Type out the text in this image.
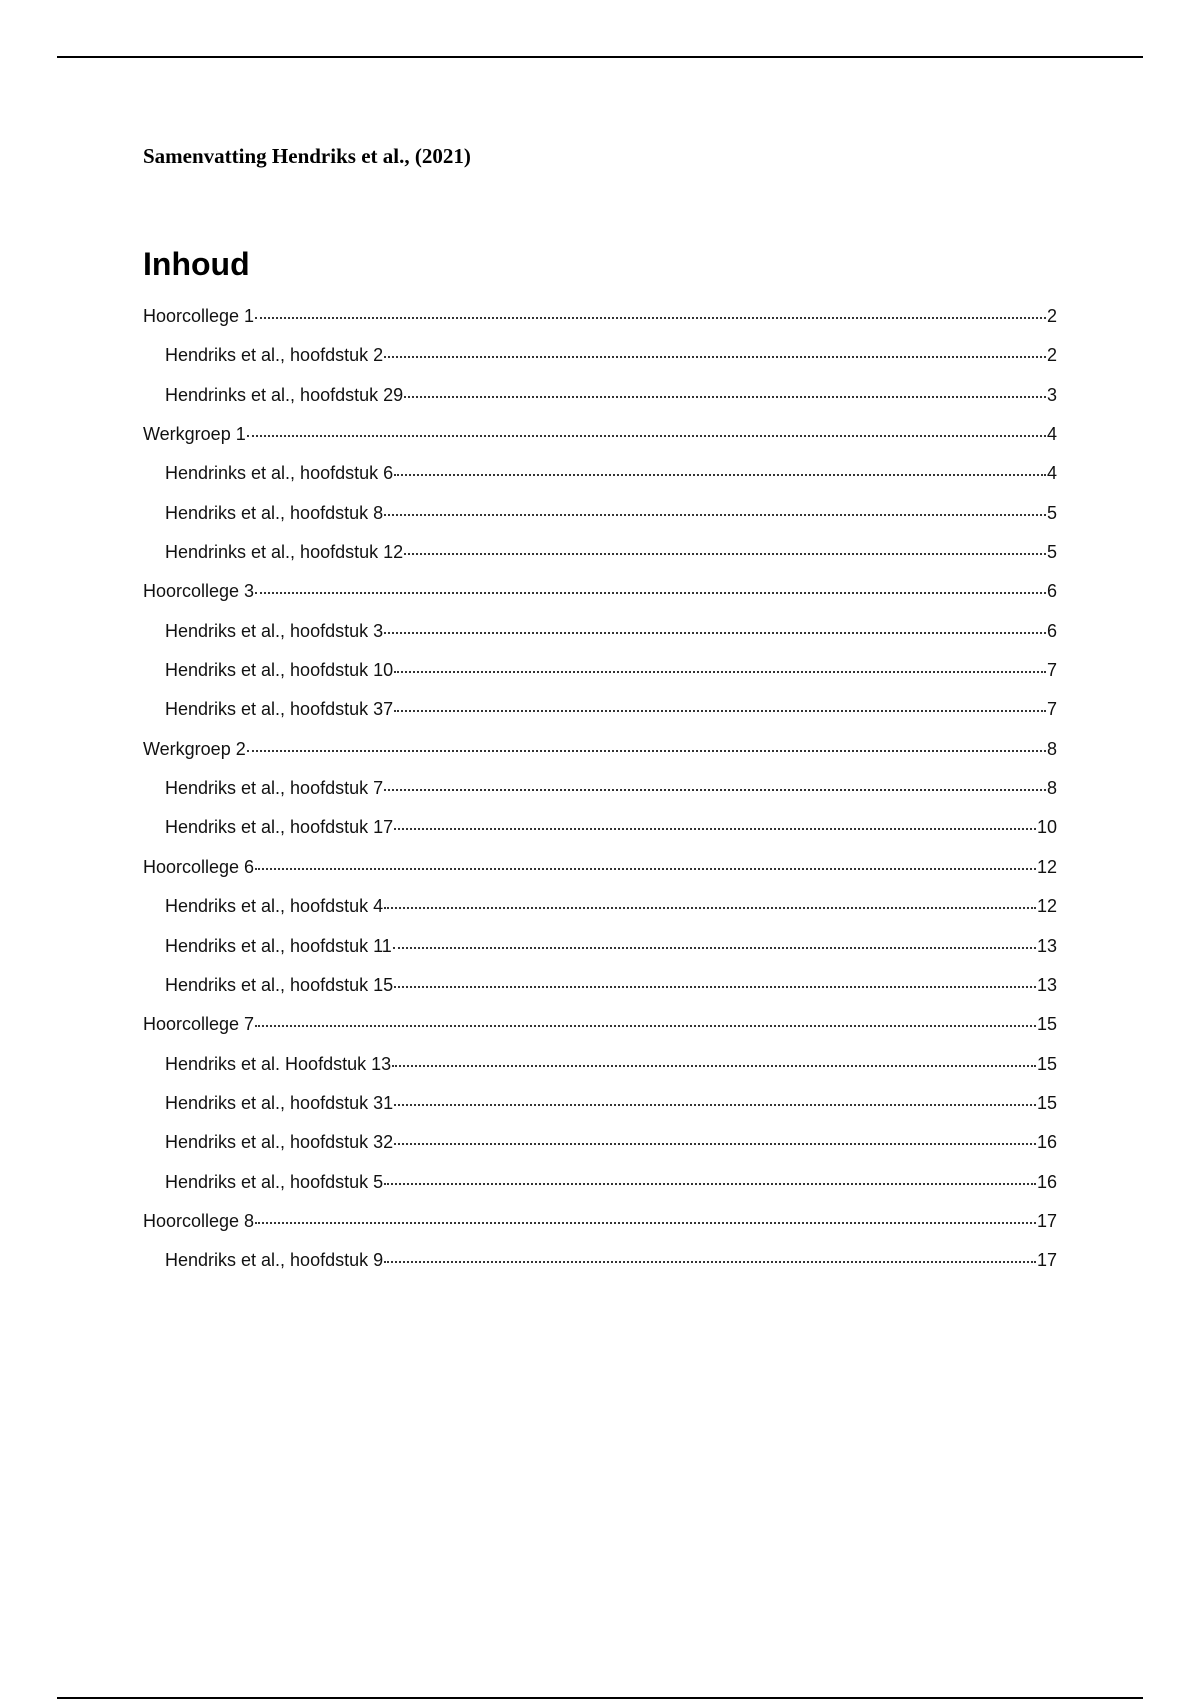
Samenvatting Hendriks et al., (2021)
Inhoud
Hoorcollege 1	2
Hendriks et al., hoofdstuk 2	2
Hendrinks et al., hoofdstuk 29	3
Werkgroep 1	4
Hendrinks et al., hoofdstuk 6	4
Hendriks et al., hoofdstuk 8	5
Hendrinks et al., hoofdstuk 12	5
Hoorcollege 3	6
Hendriks et al., hoofdstuk 3	6
Hendriks et al., hoofdstuk 10	7
Hendriks et al., hoofdstuk 37	7
Werkgroep 2	8
Hendriks et al., hoofdstuk 7	8
Hendriks et al., hoofdstuk 17	10
Hoorcollege 6	12
Hendriks et al., hoofdstuk 4	12
Hendriks et al., hoofdstuk 11	13
Hendriks et al., hoofdstuk 15	13
Hoorcollege 7	15
Hendriks et al. Hoofdstuk 13	15
Hendriks et al., hoofdstuk 31	15
Hendriks et al., hoofdstuk 32	16
Hendriks et al., hoofdstuk 5	16
Hoorcollege 8	17
Hendriks et al., hoofdstuk 9	17
